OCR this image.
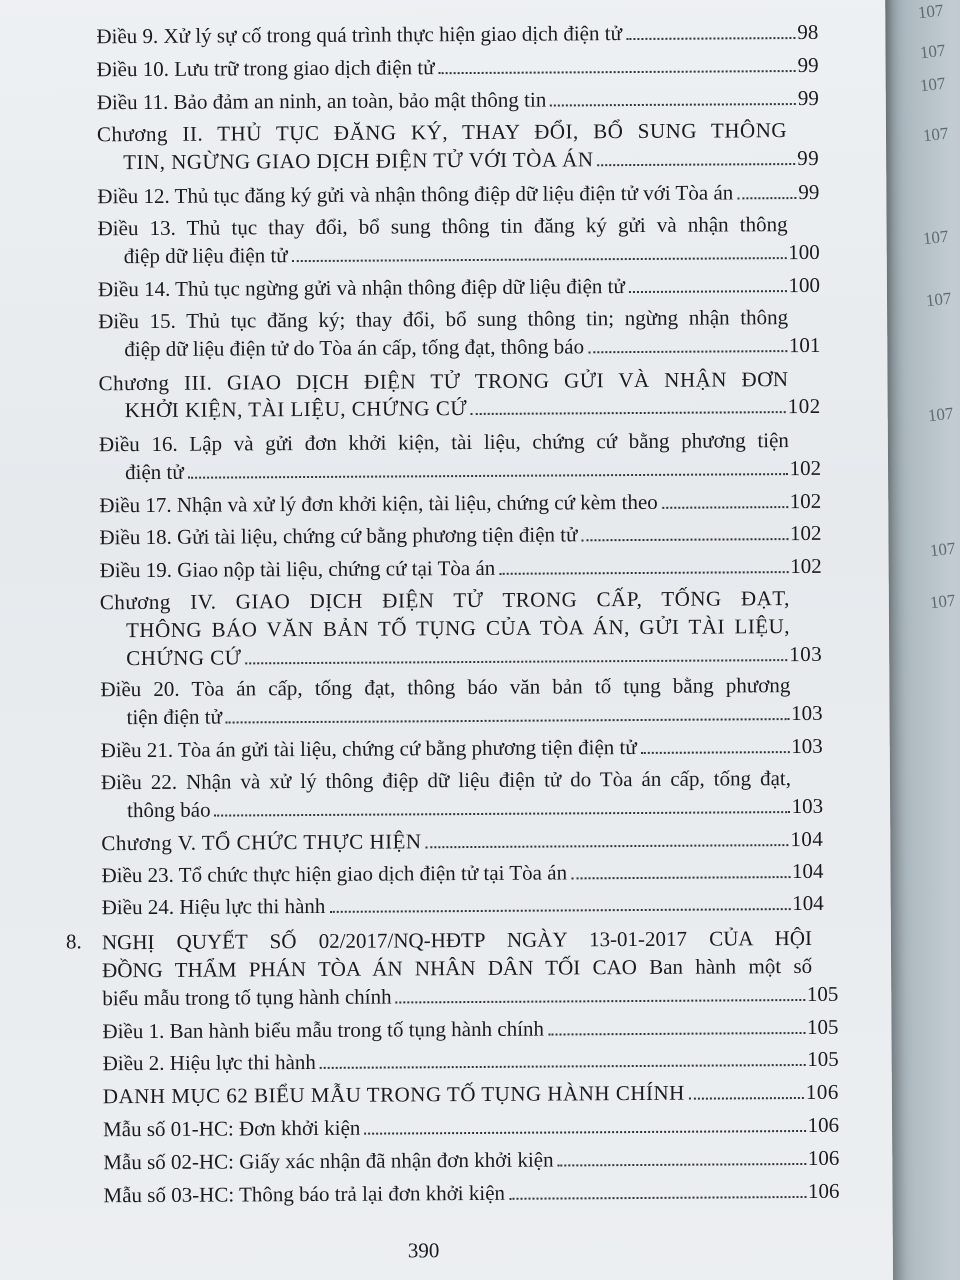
107
107
107
107
107
107
107
107
107
Điều 9. Xử lý sự cố trong quá trình thực hiện giao dịch điện tử	98
Điều 10. Lưu trữ trong giao dịch điện tử	99
Điều 11. Bảo đảm an ninh, an toàn, bảo mật thông tin	99
Chương II. THỦ TỤC ĐĂNG KÝ, THAY ĐỔI, BỔ SUNG THÔNG
TIN, NGỪNG GIAO DỊCH ĐIỆN TỬ VỚI TÒA ÁN	99
Điều 12. Thủ tục đăng ký gửi và nhận thông điệp dữ liệu điện tử với Tòa án	99
Điều 13. Thủ tục thay đổi, bổ sung thông tin đăng ký gửi và nhận thông
điệp dữ liệu điện tử	100
Điều 14. Thủ tục ngừng gửi và nhận thông điệp dữ liệu điện tử	100
Điều 15. Thủ tục đăng ký; thay đổi, bổ sung thông tin; ngừng nhận thông
điệp dữ liệu điện tử do Tòa án cấp, tống đạt, thông báo	101
Chương III. GIAO DỊCH ĐIỆN TỬ TRONG GỬI VÀ NHẬN ĐƠN
KHỞI KIỆN, TÀI LIỆU, CHỨNG CỨ	102
Điều 16. Lập và gửi đơn khởi kiện, tài liệu, chứng cứ bằng phương tiện
điện tử	102
Điều 17. Nhận và xử lý đơn khởi kiện, tài liệu, chứng cứ kèm theo	102
Điều 18. Gửi tài liệu, chứng cứ bằng phương tiện điện tử	102
Điều 19. Giao nộp tài liệu, chứng cứ tại Tòa án	102
Chương IV. GIAO DỊCH ĐIỆN TỬ TRONG CẤP, TỐNG ĐẠT,
THÔNG BÁO VĂN BẢN TỐ TỤNG CỦA TÒA ÁN, GỬI TÀI LIỆU,
CHỨNG CỨ	103
Điều 20. Tòa án cấp, tống đạt, thông báo văn bản tố tụng bằng phương
tiện điện tử	103
Điều 21. Tòa án gửi tài liệu, chứng cứ bằng phương tiện điện tử	103
Điều 22. Nhận và xử lý thông điệp dữ liệu điện tử do Tòa án cấp, tống đạt,
thông báo	103
Chương V. TỔ CHỨC THỰC HIỆN	104
Điều 23. Tổ chức thực hiện giao dịch điện tử tại Tòa án	104
Điều 24. Hiệu lực thi hành	104
8. NGHỊ QUYẾT SỐ 02/2017/NQ-HĐTP NGÀY 13-01-2017 CỦA HỘI
ĐỒNG THẨM PHÁN TÒA ÁN NHÂN DÂN TỐI CAO Ban hành một số
biểu mẫu trong tố tụng hành chính	105
Điều 1. Ban hành biểu mẫu trong tố tụng hành chính	105
Điều 2. Hiệu lực thi hành	105
DANH MỤC 62 BIỂU MẪU TRONG TỐ TỤNG HÀNH CHÍNH	106
Mẫu số 01-HC: Đơn khởi kiện	106
Mẫu số 02-HC: Giấy xác nhận đã nhận đơn khởi kiện	106
Mẫu số 03-HC: Thông báo trả lại đơn khởi kiện	106
390
